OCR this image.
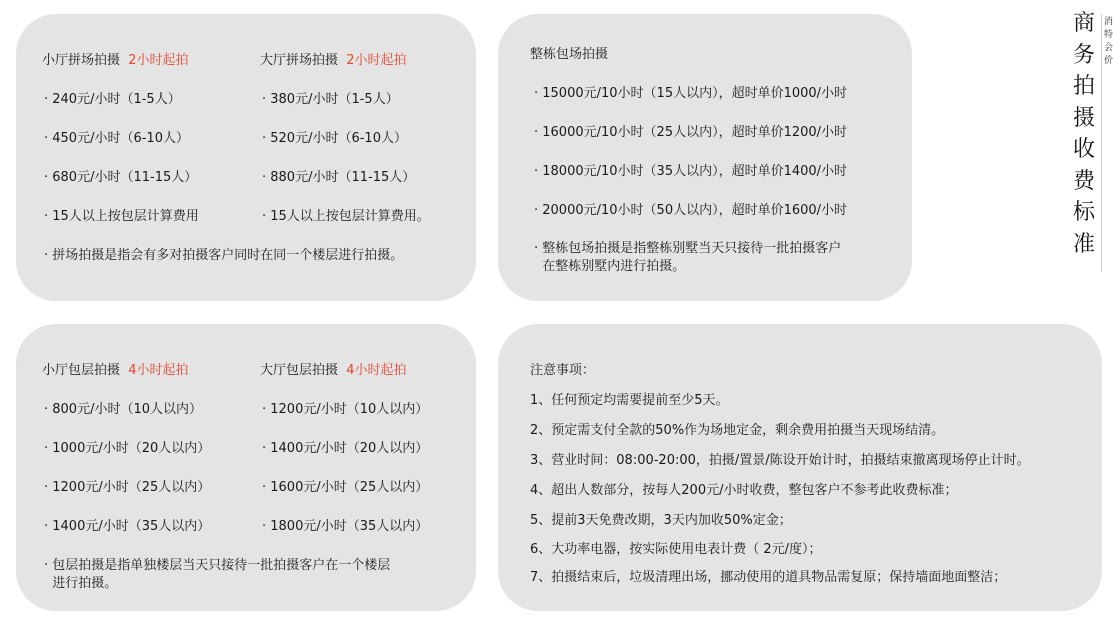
小厅拼场拍摄 2小时起拍	大厅拼场拍摄 2小时起拍
· 240元/小时（1-5人）
· 450元/小时（6-10人）
· 680元/小时（11-15人）
· 15人以上按包层计算费用
· 380元/小时（1-5人）
· 520元/小时（6-10人）
· 880元/小时（11-15人）
· 15人以上按包层计算费用。
· 拼场拍摄是指会有多对拍摄客户同时在同一个楼层进行拍摄。
整栋包场拍摄
· 15000元/10小时（15人以内），超时单价1000/小时
· 16000元/10小时（25人以内），超时单价1200/小时
· 18000元/10小时（35人以内），超时单价1400/小时
· 20000元/10小时（50人以内），超时单价1600/小时
· 整栋包场拍摄是指整栋别墅当天只接待一批拍摄客户
在整栋别墅内进行拍摄。
小厅包层拍摄 4小时起拍	大厅包层拍摄 4小时起拍
· 800元/小时（10人以内）
· 1000元/小时（20人以内）
· 1200元/小时（25人以内）
· 1400元/小时（35人以内）
· 1200元/小时（10人以内）
· 1400元/小时（20人以内）
· 1600元/小时（25人以内）
· 1800元/小时（35人以内）
· 包层拍摄是指单独楼层当天只接待一批拍摄客户在一个楼层
进行拍摄。
注意事项：
1、任何预定均需要提前至少5天。
2、预定需支付全款的50%作为场地定金，剩余费用拍摄当天现场结清。
3、营业时间：08:00-20:00，拍摄/置景/陈设开始计时，拍摄结束撤离现场停止计时。
4、超出人数部分，按每人200元/小时收费，整包客户不参考此收费标准；
5、提前3天免费改期，3天内加收50%定金；
6、大功率电器，按实际使用电表计费（ 2元/度）；
7、拍摄结束后，垃圾清理出场，挪动使用的道具物品需复原；保持墙面地面整洁；
商
务
拍
摄
收
费
标
准
消
特
会
价
